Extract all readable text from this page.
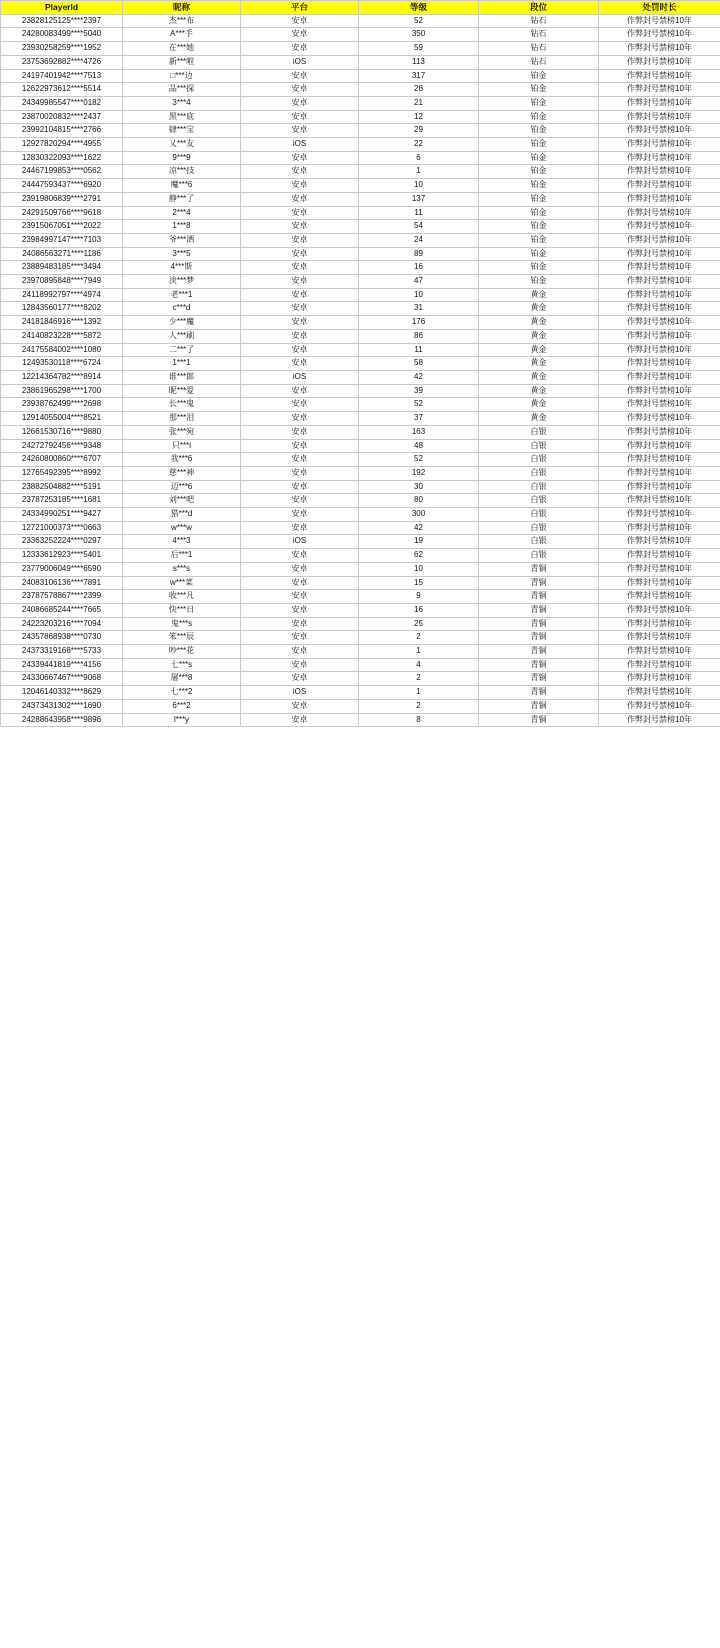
PlayerId	昵称	平台	等级	段位	处罚时长
23828125125****2397	杰***布	安卓	52	钻石	作弊封号禁榜10年
24280083499****5040	A***手	安卓	350	钻石	作弊封号禁榜10年
23930258259****1952	在***她	安卓	59	钻石	作弊封号禁榜10年
23753692882****4726	新***啦	iOS	113	钻石	作弊封号禁榜10年
24197401942****7513	□***边	安卓	317	铂金	作弊封号禁榜10年
12622973612****5514	品***探	安卓	28	铂金	作弊封号禁榜10年
24349985547****0182	3***4	安卓	21	铂金	作弊封号禁榜10年
23870020832****2437	黑***底	安卓	12	铂金	作弊封号禁榜10年
23992104815****2766	肄***宝	安卓	29	铂金	作弊封号禁榜10年
12927820294****4955	乂***友	iOS	22	铂金	作弊封号禁榜10年
12830322093****1622	9***9	安卓	6	铂金	作弊封号禁榜10年
24467199853****0562	凉***技	安卓	1	铂金	作弊封号禁榜10年
24447593437****6920	魔***6	安卓	10	铂金	作弊封号禁榜10年
23919806839****2791	静***了	安卓	137	铂金	作弊封号禁榜10年
24291509766****9618	2***4	安卓	11	铂金	作弊封号禁榜10年
23915067051****2022	1***8	安卓	54	铂金	作弊封号禁榜10年
23984997147****7103	爷***洒	安卓	24	铂金	作弊封号禁榜10年
24086563271****1186	3***5	安卓	89	铂金	作弊封号禁榜10年
23889483185****3494	4***斯	安卓	16	铂金	作弊封号禁榜10年
23970895848****7949	淡***梦	安卓	47	铂金	作弊封号禁榜10年
24118992797****4974	老***1	安卓	10	黄金	作弊封号禁榜10年
12843560177****8202	c***d	安卓	31	黄金	作弊封号禁榜10年
24181846916****1392	少***魔	安卓	176	黄金	作弊封号禁榜10年
24140823228****5872	人***刷	安卓	86	黄金	作弊封号禁榜10年
24175584002****1080	二***了	安卓	11	黄金	作弊封号禁榜10年
12493530118****6724	1***1	安卓	58	黄金	作弊封号禁榜10年
12214364782****8914	谁***郎	iOS	42	黄金	作弊封号禁榜10年
23861965298****1700	昵***爱	安卓	39	黄金	作弊封号禁榜10年
23938762499****2698	长***鬼	安卓	52	黄金	作弊封号禁榜10年
12914055004****8521	那***泪	安卓	37	黄金	作弊封号禁榜10年
12661530716****9880	张***宛	安卓	163	白银	作弊封号禁榜10年
24272792456****9348	只***i	安卓	48	白银	作弊封号禁榜10年
24260800860****6707	我***6	安卓	52	白银	作弊封号禁榜10年
12765492395****8992	慈***神	安卓	192	白银	作弊封号禁榜10年
23882504882****5191	迈***6	安卓	30	白银	作弊封号禁榜10年
23787253185****1681	刘***吧	安卓	80	白银	作弊封号禁榜10年
24334990251****9427	猎***d	安卓	300	白银	作弊封号禁榜10年
12721000373****0663	w***w	安卓	42	白银	作弊封号禁榜10年
23363252224****0297	4***3	iOS	19	白银	作弊封号禁榜10年
12333612923****5401	后***1	安卓	62	白银	作弊封号禁榜10年
23779006049****6590	s***s	安卓	10	青铜	作弊封号禁榜10年
24083106136****7891	w***菜	安卓	15	青铜	作弊封号禁榜10年
23787578867****2399	收***凡	安卓	9	青铜	作弊封号禁榜10年
24086685244****7665	快***日	安卓	16	青铜	作弊封号禁榜10年
24223203216****7094	鬼***s	安卓	25	青铜	作弊封号禁榜10年
24357868938****0730	笨***辰	安卓	2	青铜	作弊封号禁榜10年
24373319168****5733	吵***花	安卓	1	青铜	作弊封号禁榜10年
24339441819****4156	七***s	安卓	4	青铜	作弊封号禁榜10年
24330667467****9068	屠***8	安卓	2	青铜	作弊封号禁榜10年
12046140332****8629	七***2	iOS	1	青铜	作弊封号禁榜10年
24373431302****1690	6***2	安卓	2	青铜	作弊封号禁榜10年
24288643958****9896	l***y	安卓	8	青铜	作弊封号禁榜10年
